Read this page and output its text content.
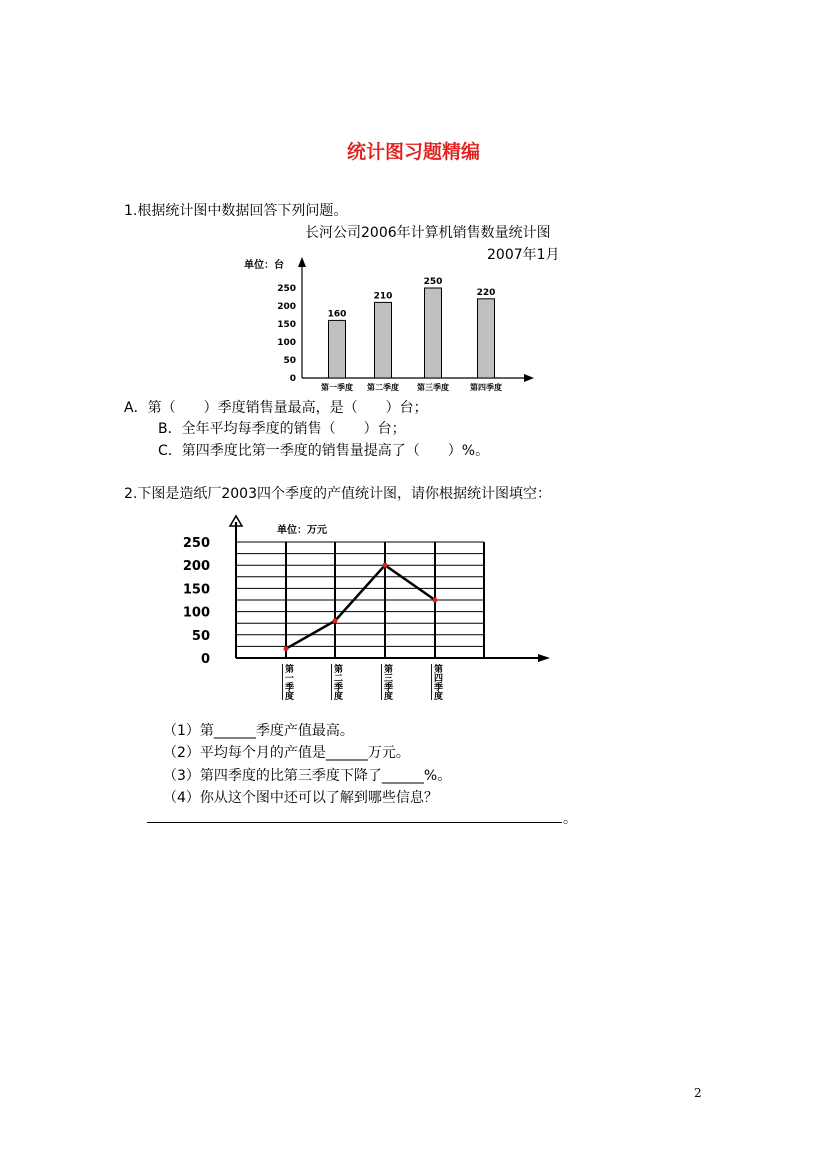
统计图习题精编
1.根据统计图中数据回答下列问题。
长河公司2006年计算机销售数量统计图
2007年1月
单位：台
0
50
100
150
200
250
160
第一季度
210
第二季度
250
第三季度
220
第四季度
A．第（　　）季度销售量最高，是（　　）台；
B．全年平均每季度的销售（　　）台；
C．第四季度比第一季度的销售量提高了（　　）%。
2.下图是造纸厂2003四个季度的产值统计图，请你根据统计图填空：
单位：万元
0
50
100
150
200
250
第一季度	第二季度	第三季度	第四季度
（1）第______季度产值最高。
（2）平均每个月的产值是______万元。
（3）第四季度的比第三季度下降了______%。
（4）你从这个图中还可以了解到哪些信息？
。
2
